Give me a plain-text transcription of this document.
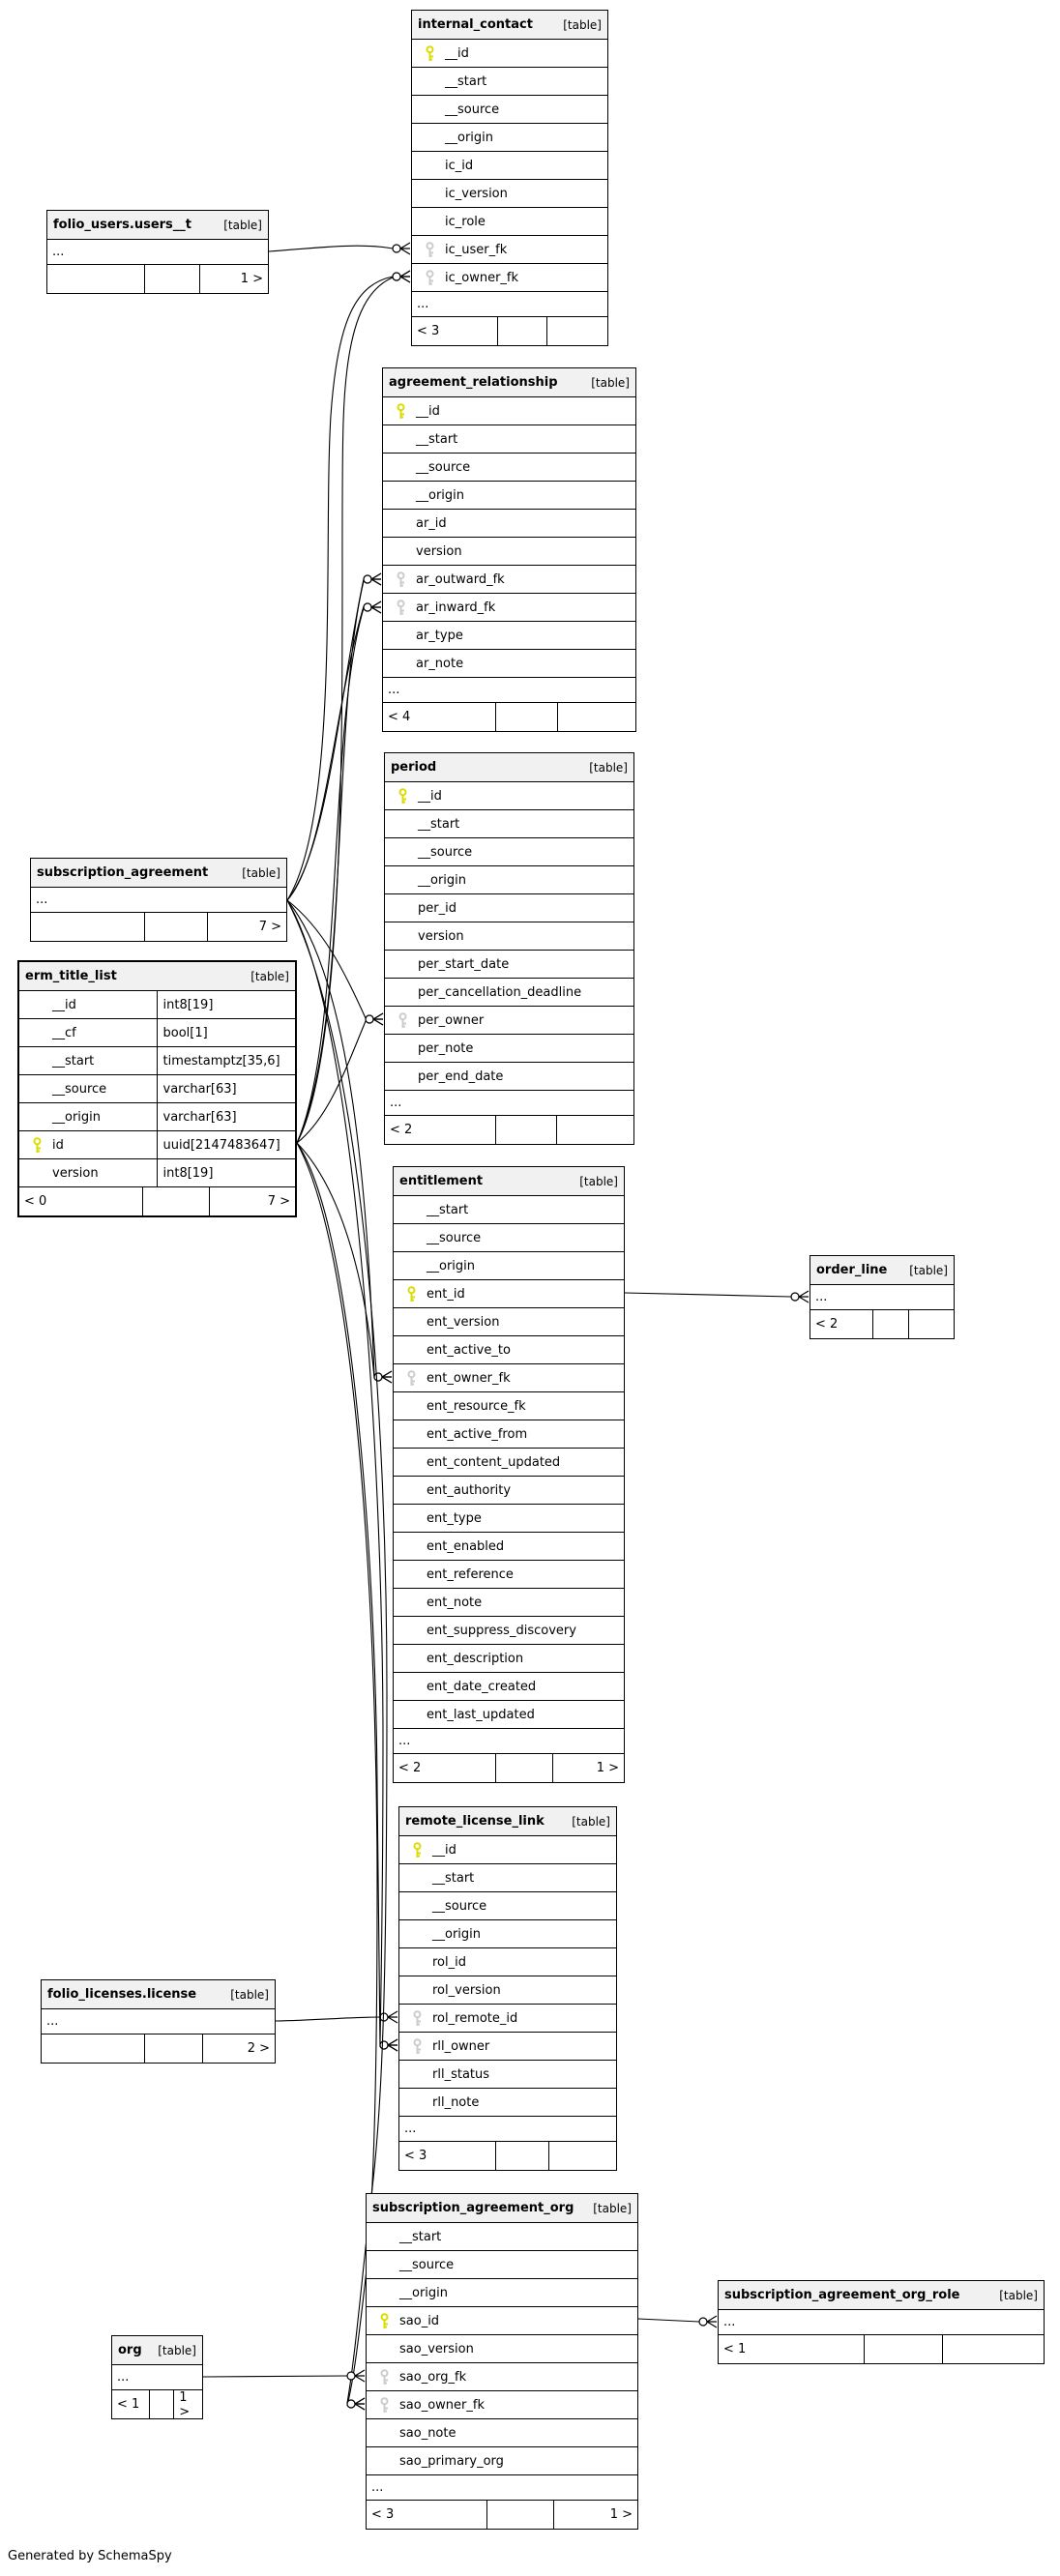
internal_contact	[table]
__id
__start
__source
__origin
ic_id
ic_version
ic_role
ic_user_fk
ic_owner_fk
...
< 3
folio_users.users__t	[table]
...
1 >
agreement_relationship	[table]
__id
__start
__source
__origin
ar_id
version
ar_outward_fk
ar_inward_fk
ar_type
ar_note
...
< 4
period	[table]
__id
__start
__source
__origin
per_id
version
per_start_date
per_cancellation_deadline
per_owner
per_note
per_end_date
...
< 2
subscription_agreement	[table]
...
7 >
erm_title_list	[table]
__id	int8[19]
__cf	bool[1]
__start	timestamptz[35,6]
__source	varchar[63]
__origin	varchar[63]
id	uuid[2147483647]
version	int8[19]
< 0	7 >
entitlement	[table]
__start
__source
__origin
ent_id
ent_version
ent_active_to
ent_owner_fk
ent_resource_fk
ent_active_from
ent_content_updated
ent_authority
ent_type
ent_enabled
ent_reference
ent_note
ent_suppress_discovery
ent_description
ent_date_created
ent_last_updated
...
< 2	1 >
order_line [table]
...
< 2
remote_license_link [table]
__id
__start
__source
__origin
rol_id
rol_version
rol_remote_id
rll_owner
rll_status
rll_note
...
< 3
folio_licenses.license	[table]
...
2 >
subscription_agreement_org [table]
__start
__source
__origin
sao_id
sao_version
sao_org_fk
sao_owner_fk
sao_note
sao_primary_org
...
< 3	1 >
subscription_agreement_org_role	[table]
...
< 1
org [table]
...
< 1	1 >
Generated by SchemaSpy
